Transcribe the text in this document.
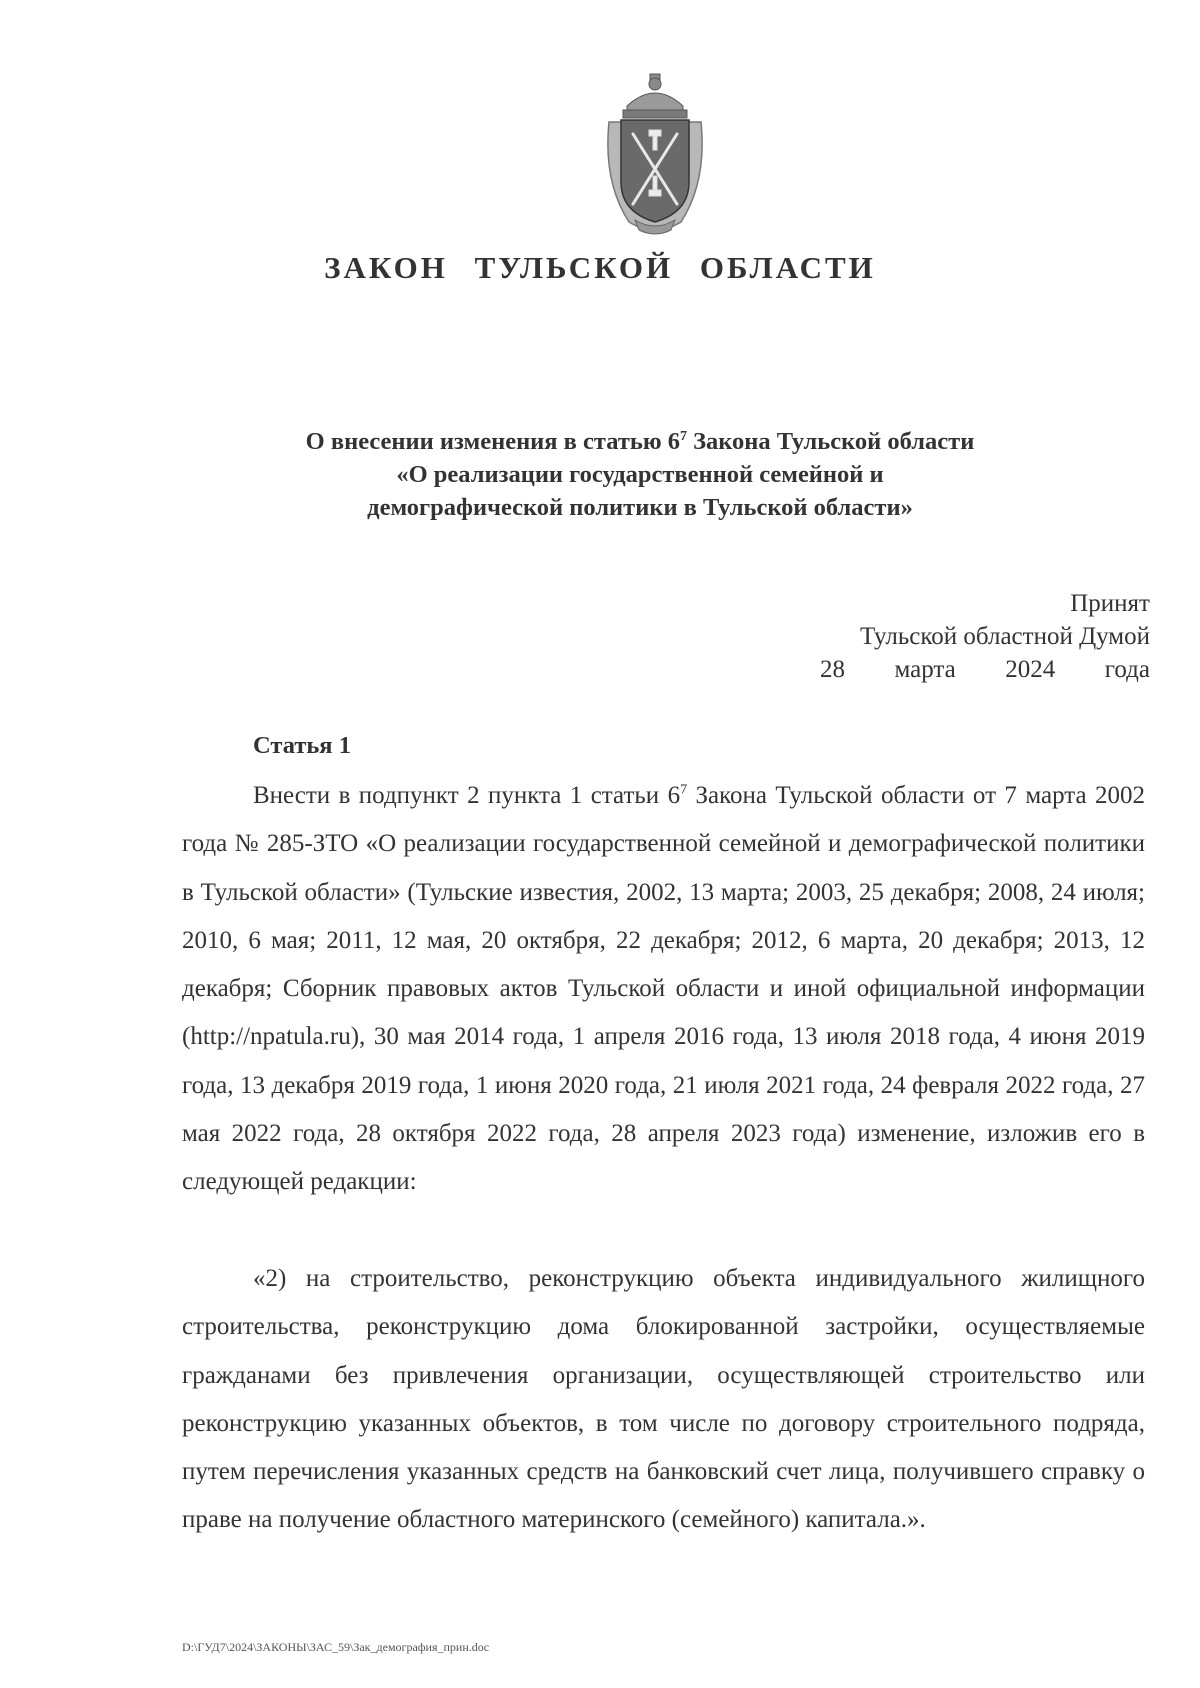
ЗАКОН ТУЛЬСКОЙ ОБЛАСТИ
О внесении изменения в статью $6^7$ Закона Тульской области
«О реализации государственной семейной и
демографической политики в Тульской области»
Принят
Тульской областной Думой
28 марта 2024 года
Статья 1

Внести в подпункт 2 пункта 1 статьи $6^7$ Закона Тульской области от 7 марта 2002 года № 285-ЗТО «О реализации государственной семейной и демографической политики в Тульской области» (Тульские известия, 2002, 13 марта; 2003, 25 декабря; 2008, 24 июля; 2010, 6 мая; 2011, 12 мая, 20 октября, 22 декабря; 2012, 6 марта, 20 декабря; 2013, 12 декабря; Сборник правовых актов Тульской области и иной официальной информации (http://npatula.ru), 30 мая 2014 года, 1 апреля 2016 года, 13 июля 2018 года, 4 июня 2019 года, 13 декабря 2019 года, 1 июня 2020 года, 21 июля 2021 года, 24 февраля 2022 года, 27 мая 2022 года, 28 октября 2022 года, 28 апреля 2023 года) изменение, изложив его в следующей редакции:

«2) на строительство, реконструкцию объекта индивидуального жилищного строительства, реконструкцию дома блокированной застройки, осуществляемые гражданами без привлечения организации, осуществляющей строительство или реконструкцию указанных объектов, в том числе по договору строительного подряда, путем перечисления указанных средств на банковский счет лица, получившего справку о праве на получение областного материнского (семейного) капитала.».

D:\ГУД7\2024\ЗАКОНЫ\ЗАС_59\Зак_демография_прин.doc
